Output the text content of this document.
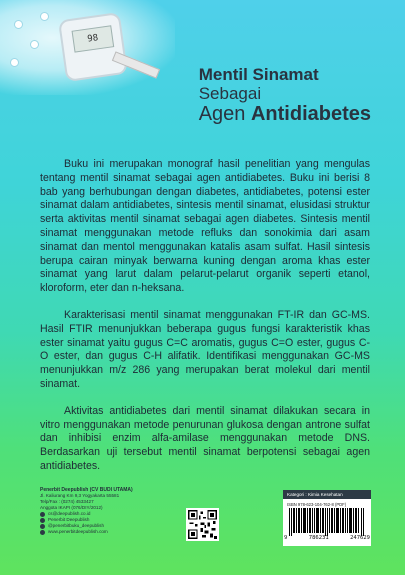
98
Mentil Sinamat
Sebagai
Agen Antidiabetes

Buku ini merupakan monograf hasil penelitian yang mengulas tentang mentil sinamat sebagai agen antidiabetes. Buku ini berisi 8 bab yang berhubungan dengan diabetes, antidiabetes, potensi ester sinamat dalam antidiabetes, sintesis mentil sinamat, elusidasi struktur serta aktivitas mentil sinamat sebagai agen diabetes. Sintesis mentil sinamat menggunakan metode refluks dan sonokimia dari asam sinamat dan mentol menggunakan katalis asam sulfat. Hasil sintesis berupa cairan minyak berwarna kuning dengan aroma khas ester sinamat yang larut dalam pelarut-pelarut organik seperti etanol, kloroform, eter dan n-heksana.

Karakterisasi mentil sinamat menggunakan FT-IR dan GC-MS. Hasil FTIR menunjukkan beberapa gugus fungsi karakteristik khas ester sinamat yaitu gugus C=C aromatis, gugus C=O ester, gugus C-O ester, dan gugus C-H alifatik. Identifikasi menggunakan GC-MS menunjukkan m/z 286 yang merupakan berat molekul dari mentil sinamat.

Aktivitas antidiabetes dari mentil sinamat dilakukan secara in vitro menggunakan metode penurunan glukosa dengan antrone sulfat dan inhibisi enzim alfa-amilase menggunakan metode DNS. Berdasarkan uji tersebut mentil sinamat berpotensi sebagai agen antidiabetes.

Penerbit Deepublish (CV BUDI UTAMA)
Jl. Kaliurang Km 9,3 Yogyakarta 55581
Telp/Fax : (0274) 4533427
Anggota IKAPI (076/DIY/2012)
cs@deepublish.co.id
Penerbit Deepublish
@penerbitbuku_deepublish
www.penerbitdeepublish.com
Kategori : Kimia Kesehatan
ISBN 978-623-104-762-8 (PDF)
9	786231	247629
